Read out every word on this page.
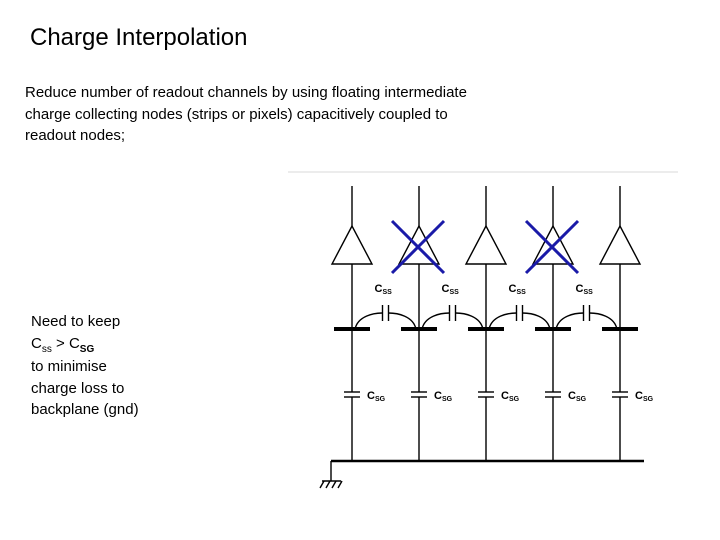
Charge Interpolation

Reduce number of readout channels by using floating intermediate
charge collecting nodes (strips or pixels) capacitively coupled to
readout nodes;

Need to keep
$C_{ss} > C_{SG}$
to minimise
charge loss to
backplane (gnd)

CSG
CSS
CSG
CSS
CSG
CSS
CSG
CSS
CSG
